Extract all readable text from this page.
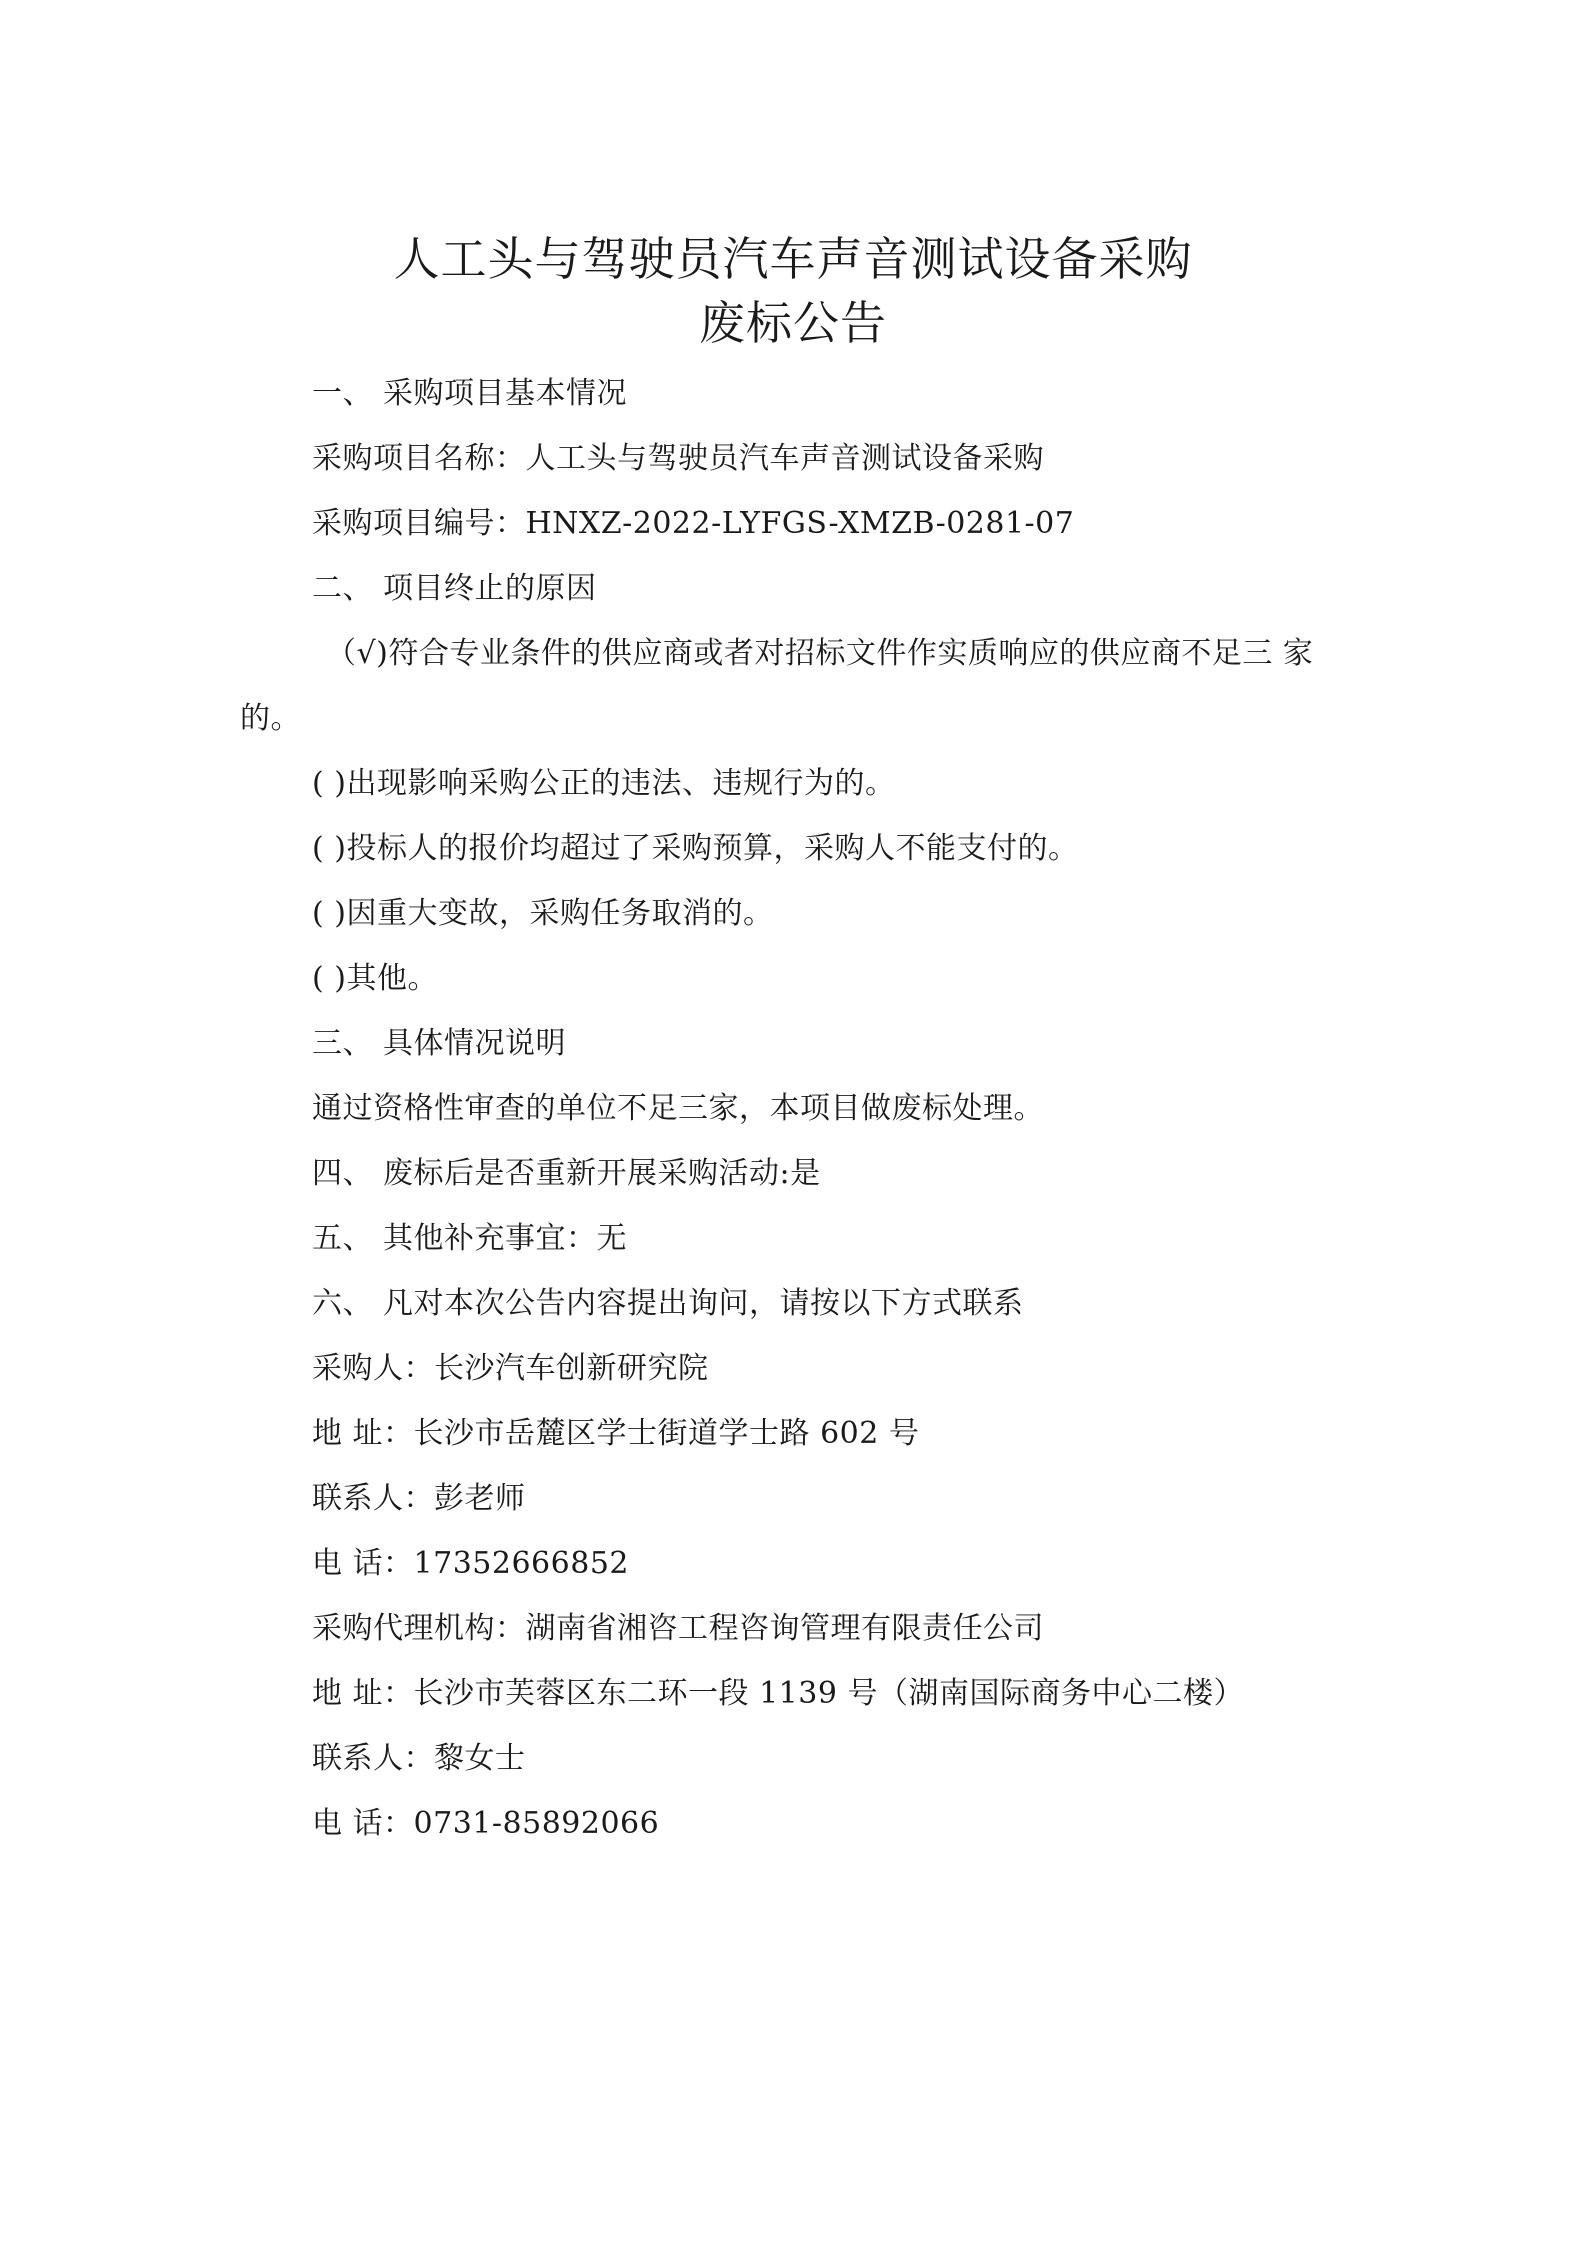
人工头与驾驶员汽车声音测试设备采购
废标公告
一、 采购项目基本情况
采购项目名称：人工头与驾驶员汽车声音测试设备采购
采购项目编号：HNXZ-2022-LYFGS-XMZB-0281-07
二、 项目终止的原因
（√)符合专业条件的供应商或者对招标文件作实质响应的供应商不足三 家
的。
( )出现影响采购公正的违法、违规行为的。
( )投标人的报价均超过了采购预算，采购人不能支付的。
( )因重大变故，采购任务取消的。
( )其他。
三、 具体情况说明
通过资格性审查的单位不足三家，本项目做废标处理。
四、 废标后是否重新开展采购活动:是
五、 其他补充事宜：无
六、 凡对本次公告内容提出询问，请按以下方式联系
采购人：长沙汽车创新研究院
地 址：长沙市岳麓区学士街道学士路 602 号
联系人：彭老师
电 话：17352666852
采购代理机构：湖南省湘咨工程咨询管理有限责任公司
地 址：长沙市芙蓉区东二环一段 1139 号（湖南国际商务中心二楼）
联系人：黎女士
电 话：0731-85892066
